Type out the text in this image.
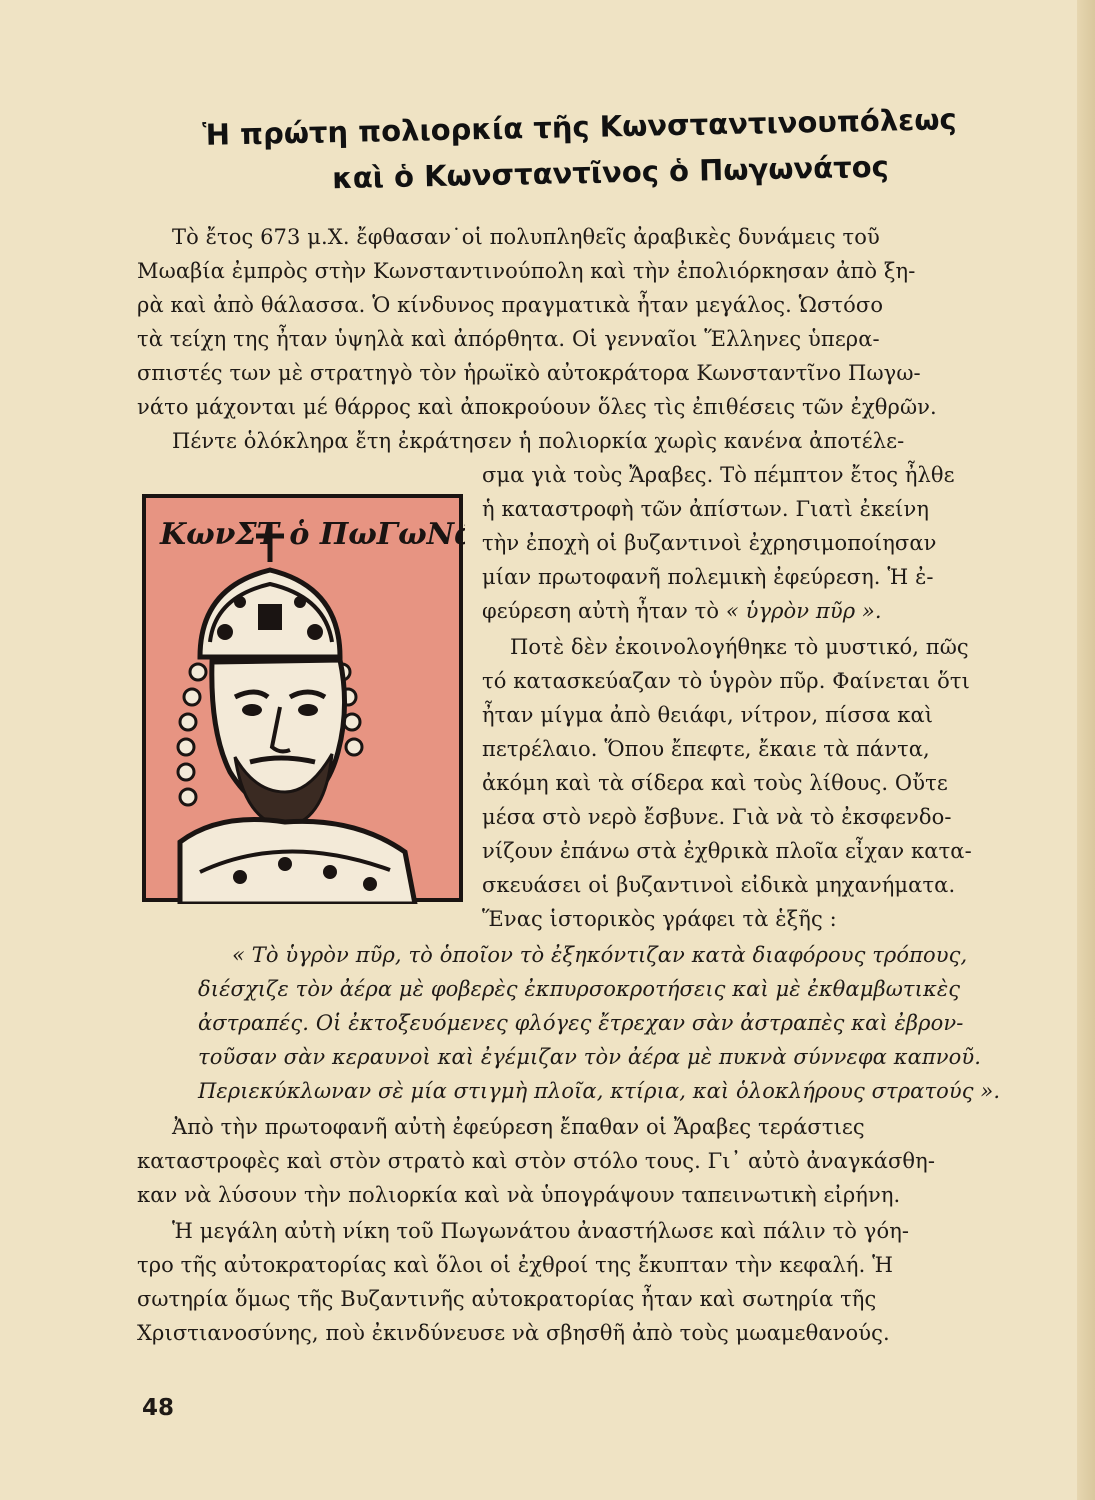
Ἡ πρώτη πολιορκία τῆς Κωνσταντινουπόλεως
καὶ ὁ Κωνσταντῖνος ὁ Πωγωνάτος
Τὸ ἔτος 673 μ.Χ. ἔφθασαν˙οἱ πολυπληθεῖς ἀραβικὲς δυνάμεις τοῦ
Μωαβία ἐμπρὸς στὴν Κωνσταντινούπολη καὶ τὴν ἐπολιόρκησαν ἀπὸ ξη-
ρὰ καὶ ἀπὸ θάλασσα. Ὁ κίνδυνος πραγματικὰ ἦταν μεγάλος. Ὡστόσο
τὰ τείχη της ἦταν ὑψηλὰ καὶ ἀπόρθητα. Οἱ γενναῖοι Ἕλληνες ὑπερα-
σπιστές των μὲ στρατηγὸ τὸν ἡρωϊκὸ αὐτοκράτορα Κωνσταντῖνο Πωγω-
νάτο μάχονται μέ θάρρος καὶ ἀποκρούουν ὅλες τὶς ἐπιθέσεις τῶν ἐχθρῶν.
Πέντε ὁλόκληρα ἔτη ἐκράτησεν ἡ πολιορκία χωρὶς κανένα ἀποτέλε-
σμα γιὰ τοὺς Ἄραβες. Τὸ πέμπτον ἔτος ἦλθε
ἡ καταστροφὴ τῶν ἀπίστων. Γιατὶ ἐκείνη
τὴν ἐποχὴ οἱ βυζαντινοὶ ἐχρησιμοποίησαν
μίαν πρωτοφανῆ πολεμικὴ ἐφεύρεση. Ἡ ἐ-
φεύρεση αὐτὴ ἦταν τὸ « ὑγρὸν πῦρ ».
Ποτὲ δὲν ἐκοινολογήθηκε τὸ μυστικό, πῶς
τό κατασκεύαζαν τὸ ὑγρὸν πῦρ. Φαίνεται ὅτι
ἦταν μίγμα ἀπὸ θειάφι, νίτρον, πίσσα καὶ
πετρέλαιο. Ὅπου ἔπεφτε, ἔκαιε τὰ πάντα,
ἀκόμη καὶ τὰ σίδερα καὶ τοὺς λίθους. Οὔτε
μέσα στὸ νερὸ ἔσβυνε. Γιὰ νὰ τὸ ἐκσφενδο-
νίζουν ἐπάνω στὰ ἐχθρικὰ πλοῖα εἶχαν κατα-
σκευάσει οἱ βυζαντινοὶ εἰδικὰ μηχανήματα.
Ἕνας ἱστορικὸς γράφει τὰ ἑξῆς :
« Τὸ ὑγρὸν πῦρ, τὸ ὁποῖον τὸ ἐξηκόντιζαν κατὰ διαφόρους τρόπους,
διέσχιζε τὸν ἀέρα μὲ φοβερὲς ἐκπυρσοκροτήσεις καὶ μὲ ἐκθαμβωτικὲς
ἀστραπές. Οἱ ἐκτοξευόμενες φλόγες ἔτρεχαν σὰν ἀστραπὲς καὶ ἐβρον-
τοῦσαν σὰν κεραυνοὶ καὶ ἐγέμιζαν τὸν ἀέρα μὲ πυκνὰ σύννεφα καπνοῦ.
Περιεκύκλωναν σὲ μία στιγμὴ πλοῖα, κτίρια, καὶ ὁλοκλήρους στρατούς ».
Ἀπὸ τὴν πρωτοφανῆ αὐτὴ ἐφεύρεση ἔπαθαν οἱ Ἄραβες τεράστιες
καταστροφὲς καὶ στὸν στρατὸ καὶ στὸν στόλο τους. Γι᾽ αὐτὸ ἀναγκάσθη-
καν νὰ λύσουν τὴν πολιορκία καὶ νὰ ὑπογράψουν ταπεινωτικὴ εἰρήνη.
Ἡ μεγάλη αὐτὴ νίκη τοῦ Πωγωνάτου ἀναστήλωσε καὶ πάλιν τὸ γόη-
τρο τῆς αὐτοκρατορίας καὶ ὅλοι οἱ ἐχθροί της ἔκυπταν τὴν κεφαλή. Ἡ
σωτηρία ὅμως τῆς Βυζαντινῆς αὐτοκρατορίας ἦταν καὶ σωτηρία τῆς
Χριστιανοσύνης, ποὺ ἐκινδύνευσε νὰ σβησθῆ ἀπὸ τοὺς μωαμεθανούς.
ΚωνΣΤ ὁ ΠωΓωΝά
48
